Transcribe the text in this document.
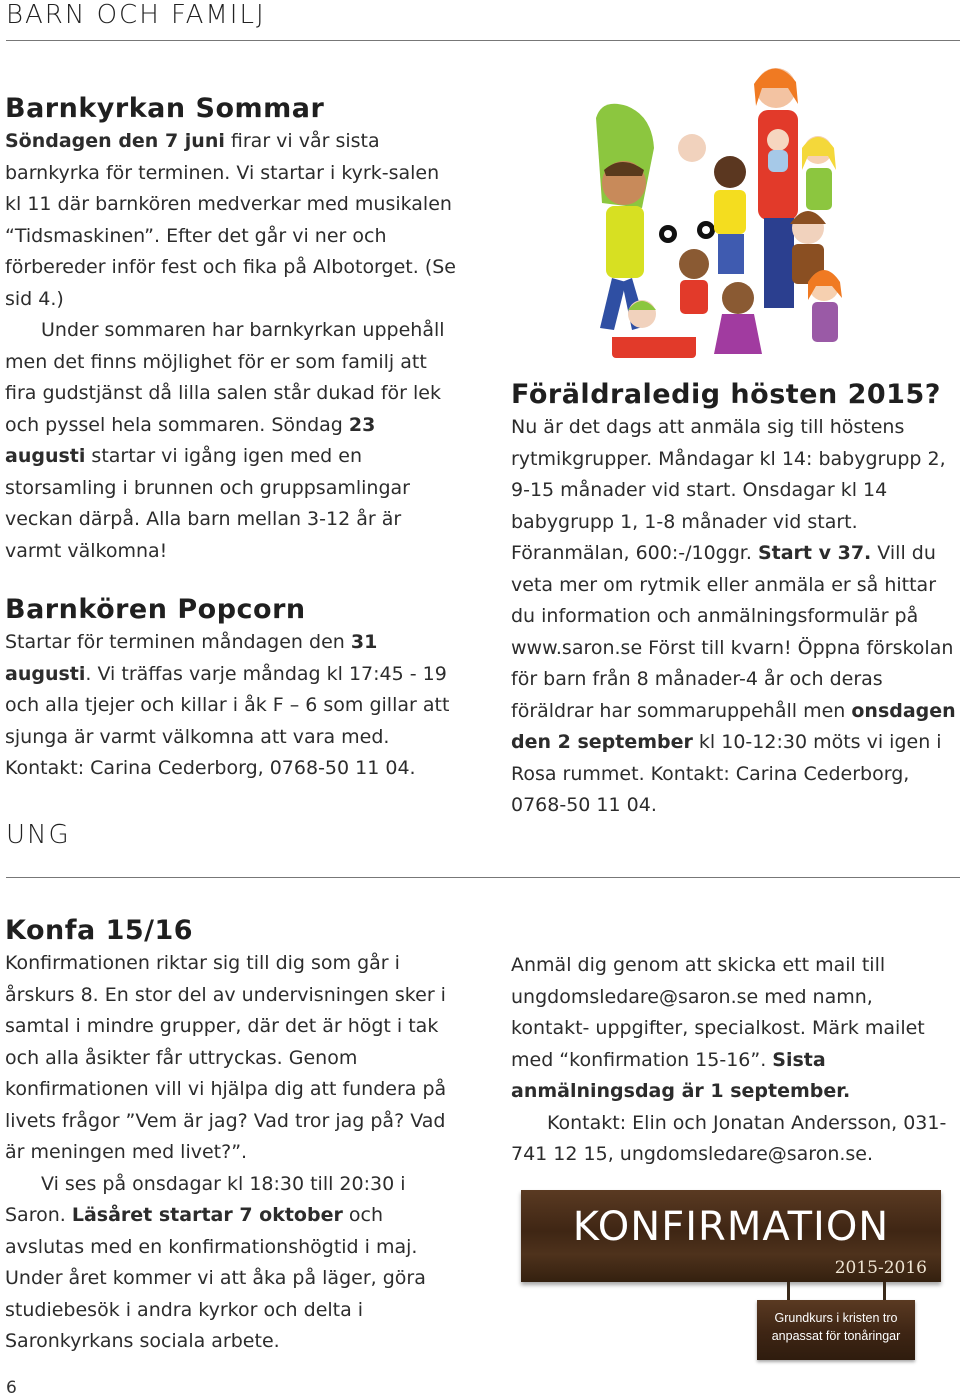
BARN OCH FAMILJ
Barnkyrkan Sommar

Söndagen den 7 juni firar vi vår sista barnkyrka för terminen. Vi startar i kyrk-salen kl 11 där barnkören medverkar med musikalen “Tidsmaskinen”. Efter det går vi ner och förbereder inför fest och fika på Albotorget. (Se sid 4.)

Under sommaren har barnkyrkan uppehåll men det finns möjlighet för er som familj att fira gudstjänst då lilla salen står dukad för lek och pyssel hela sommaren. Söndag 23 augusti startar vi igång igen med en storsamling i brunnen och gruppsamlingar veckan därpå. Alla barn mellan 3-12 år är varmt välkomna!

Barnkören Popcorn

Startar för terminen måndagen den 31 augusti. Vi träffas varje måndag kl 17:45 - 19 och alla tjejer och killar i åk F – 6 som gillar att sjunga är varmt välkomna att vara med. Kontakt: Carina Cederborg, 0768-50 11 04.

UNG
Föräldraledig hösten 2015?

Nu är det dags att anmäla sig till höstens rytmikgrupper. Måndagar kl 14: babygrupp 2, 9-15 månader vid start. Onsdagar kl 14 babygrupp 1, 1-8 månader vid start. Föranmälan, 600:-/10ggr. Start v 37. Vill du veta mer om rytmik eller anmäla er så hittar du information och anmälningsformulär på www.saron.se Först till kvarn! Öppna förskolan för barn från 8 månader-4 år och deras föräldrar har sommaruppehåll men onsdagen den 2 september kl 10-12:30 möts vi igen i Rosa rummet. Kontakt: Carina Cederborg, 0768-50 11 04.

Konfa 15/16

Konfirmationen riktar sig till dig som går i årskurs 8. En stor del av undervisningen sker i samtal i mindre grupper, där det är högt i tak och alla åsikter får uttryckas. Genom konfirmationen vill vi hjälpa dig att fundera på livets frågor ”Vem är jag? Vad tror jag på? Vad är meningen med livet?”.

Vi ses på onsdagar kl 18:30 till 20:30 i Saron. Läsåret startar 7 oktober och avslutas med en konfirmationshögtid i maj. Under året kommer vi att åka på läger, göra studiebesök i andra kyrkor och delta i Saronkyrkans sociala arbete.

Anmäl dig genom att skicka ett mail till ungdomsledare@saron.se med namn, kontakt- uppgifter, specialkost. Märk mailet med “konfirmation 15-16”. Sista anmälningsdag är 1 september.

Kontakt: Elin och Jonatan Andersson, 031-741 12 15, ungdomsledare@saron.se.

KONFIRMATION
2015-2016
Grundkurs i kristen tro
anpassat för tonåringar
6
